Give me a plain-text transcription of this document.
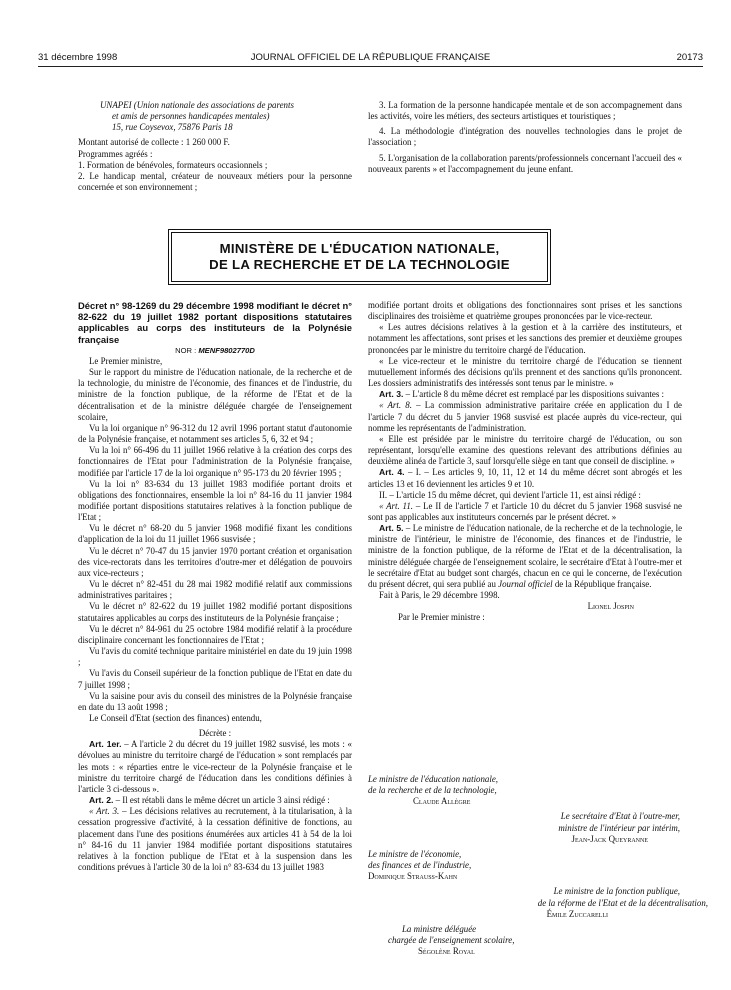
31 décembre 1998	JOURNAL OFFICIEL DE LA RÉPUBLIQUE FRANÇAISE	20173

UNAPEI (Union nationale des associations de parents

et amis de personnes handicapées mentales)

15, rue Coysevox, 75876 Paris 18

Montant autorisé de collecte : 1 260 000 F.

Programmes agréés :

1. Formation de bénévoles, formateurs occasionnels ;

2. Le handicap mental, créateur de nouveaux métiers pour la personne concernée et son environnement ;

3. La formation de la personne handicapée mentale et de son accompagnement dans les activités, voire les métiers, des secteurs artistiques et touristiques ;

4. La méthodologie d'intégration des nouvelles technologies dans le projet de l'association ;

5. L'organisation de la collaboration parents/professionnels concernant l'accueil des « nouveaux parents » et l'accompagnement du jeune enfant.

MINISTÈRE DE L'ÉDUCATION NATIONALE,
DE LA RECHERCHE ET DE LA TECHNOLOGIE

Décret n° 98-1269 du 29 décembre 1998 modifiant le décret n° 82-622 du 19 juillet 1982 portant dispositions statutaires applicables au corps des instituteurs de la Polynésie française

NOR : MENF9802770D

Le Premier ministre,

Sur le rapport du ministre de l'éducation nationale, de la recherche et de la technologie, du ministre de l'économie, des finances et de l'industrie, du ministre de la fonction publique, de la réforme de l'Etat et de la décentralisation et de la ministre déléguée chargée de l'enseignement scolaire,

Vu la loi organique n° 96-312 du 12 avril 1996 portant statut d'autonomie de la Polynésie française, et notamment ses articles 5, 6, 32 et 94 ;

Vu la loi n° 66-496 du 11 juillet 1966 relative à la création des corps des fonctionnaires de l'Etat pour l'administration de la Polynésie française, modifiée par l'article 17 de la loi organique n° 95-173 du 20 février 1995 ;

Vu la loi n° 83-634 du 13 juillet 1983 modifiée portant droits et obligations des fonctionnaires, ensemble la loi n° 84-16 du 11 janvier 1984 modifiée portant dispositions statutaires relatives à la fonction publique de l'Etat ;

Vu le décret n° 68-20 du 5 janvier 1968 modifié fixant les conditions d'application de la loi du 11 juillet 1966 susvisée ;

Vu le décret n° 70-47 du 15 janvier 1970 portant création et organisation des vice-rectorats dans les territoires d'outre-mer et délégation de pouvoirs aux vice-recteurs ;

Vu le décret n° 82-451 du 28 mai 1982 modifié relatif aux commissions administratives paritaires ;

Vu le décret n° 82-622 du 19 juillet 1982 modifié portant dispositions statutaires applicables au corps des instituteurs de la Polynésie française ;

Vu le décret n° 84-961 du 25 octobre 1984 modifié relatif à la procédure disciplinaire concernant les fonctionnaires de l'Etat ;

Vu l'avis du comité technique paritaire ministériel en date du 19 juin 1998 ;

Vu l'avis du Conseil supérieur de la fonction publique de l'Etat en date du 7 juillet 1998 ;

Vu la saisine pour avis du conseil des ministres de la Polynésie française en date du 13 août 1998 ;

Le Conseil d'Etat (section des finances) entendu,

Décrète :

Art. 1er. – A l'article 2 du décret du 19 juillet 1982 susvisé, les mots : « dévolues au ministre du territoire chargé de l'éducation » sont remplacés par les mots : « réparties entre le vice-recteur de la Polynésie française et le ministre du territoire chargé de l'éducation dans les conditions définies à l'article 3 ci-dessous ».

Art. 2. – Il est rétabli dans le même décret un article 3 ainsi rédigé :

« Art. 3. – Les décisions relatives au recrutement, à la titularisation, à la cessation progressive d'activité, à la cessation définitive de fonctions, au placement dans l'une des positions énumérées aux articles 41 à 54 de la loi n° 84-16 du 11 janvier 1984 modifiée portant dispositions statutaires relatives à la fonction publique de l'Etat et à la suspension dans les conditions prévues à l'article 30 de la loi n° 83-634 du 13 juillet 1983

modifiée portant droits et obligations des fonctionnaires sont prises et les sanctions disciplinaires des troisième et quatrième groupes prononcées par le vice-recteur.

« Les autres décisions relatives à la gestion et à la carrière des instituteurs, et notamment les affectations, sont prises et les sanctions des premier et deuxième groupes prononcées par le ministre du territoire chargé de l'éducation.

« Le vice-recteur et le ministre du territoire chargé de l'éducation se tiennent mutuellement informés des décisions qu'ils prennent et des sanctions qu'ils prononcent. Les dossiers administratifs des intéressés sont tenus par le ministre. »

Art. 3. – L'article 8 du même décret est remplacé par les dispositions suivantes :

« Art. 8. – La commission administrative paritaire créée en application du I de l'article 7 du décret du 5 janvier 1968 susvisé est placée auprès du vice-recteur, qui nomme les représentants de l'administration.

« Elle est présidée par le ministre du territoire chargé de l'éducation, ou son représentant, lorsqu'elle examine des questions relevant des attributions définies au deuxième alinéa de l'article 3, sauf lorsqu'elle siège en tant que conseil de discipline. »

Art. 4. – I. – Les articles 9, 10, 11, 12 et 14 du même décret sont abrogés et les articles 13 et 16 deviennent les articles 9 et 10.

II. – L'article 15 du même décret, qui devient l'article 11, est ainsi rédigé :

« Art. 11. – Le II de l'article 7 et l'article 10 du décret du 5 janvier 1968 susvisé ne sont pas applicables aux instituteurs concernés par le présent décret. »

Art. 5. – Le ministre de l'éducation nationale, de la recherche et de la technologie, le ministre de l'intérieur, le ministre de l'économie, des finances et de l'industrie, le ministre de la fonction publique, de la réforme de l'Etat et de la décentralisation, la ministre déléguée chargée de l'enseignement scolaire, le secrétaire d'Etat à l'outre-mer et le secrétaire d'Etat au budget sont chargés, chacun en ce qui le concerne, de l'exécution du présent décret, qui sera publié au Journal officiel de la République française.

Fait à Paris, le 29 décembre 1998.

Lionel Jospin

Par le Premier ministre :

Le ministre de l'éducation nationale,

de la recherche et de la technologie,

Claude Allègre

Le secrétaire d'Etat à l'outre-mer,

ministre de l'intérieur par intérim,

Jean-Jack Queyranne

Le ministre de l'économie,

des finances et de l'industrie,

Dominique Strauss-Kahn

Le ministre de la fonction publique,

de la réforme de l'Etat et de la décentralisation,

Émile Zuccarelli

La ministre déléguée

chargée de l'enseignement scolaire,

Ségolène Royal
